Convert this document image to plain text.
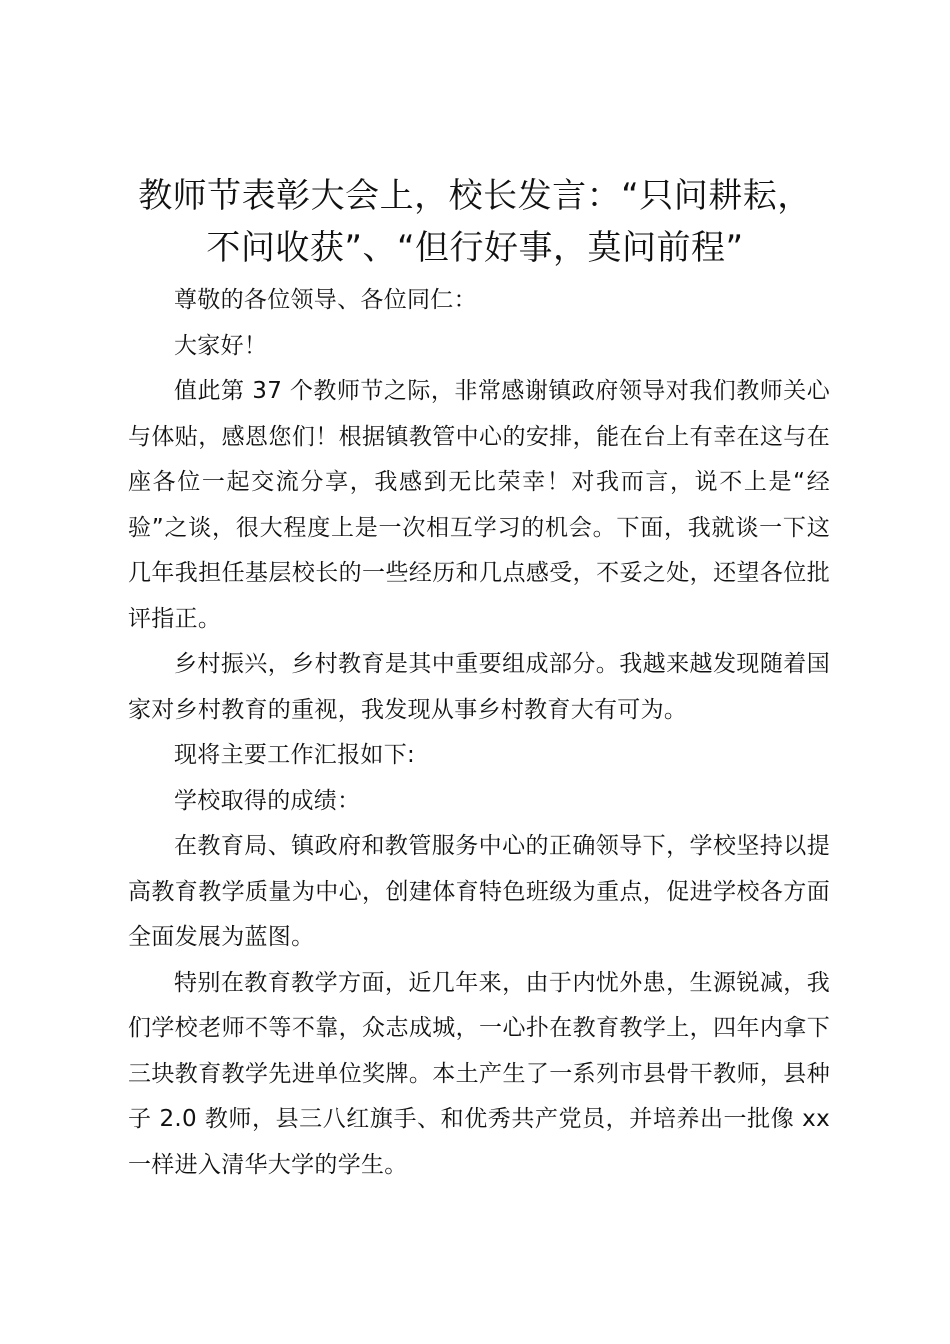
教师节表彰大会上，校长发言：“只问耕耘，
不问收获”、“但行好事，莫问前程”

尊敬的各位领导、各位同仁：

大家好！

值此第 37 个教师节之际，非常感谢镇政府领导对我们教师关心与体贴，感恩您们！根据镇教管中心的安排，能在台上有幸在这与在座各位一起交流分享，我感到无比荣幸！对我而言，说不上是“经验”之谈，很大程度上是一次相互学习的机会。下面，我就谈一下这几年我担任基层校长的一些经历和几点感受，不妥之处，还望各位批评指正。

乡村振兴，乡村教育是其中重要组成部分。我越来越发现随着国家对乡村教育的重视，我发现从事乡村教育大有可为。

现将主要工作汇报如下:

学校取得的成绩：

在教育局、镇政府和教管服务中心的正确领导下，学校坚持以提高教育教学质量为中心，创建体育特色班级为重点，促进学校各方面全面发展为蓝图。

特别在教育教学方面，近几年来，由于内忧外患，生源锐减，我们学校老师不等不靠，众志成城，一心扑在教育教学上，四年内拿下三块教育教学先进单位奖牌。本土产生了一系列市县骨干教师，县种子 2.0 教师，县三八红旗手、和优秀共产党员，并培养出一批像 xx 一样进入清华大学的学生。
